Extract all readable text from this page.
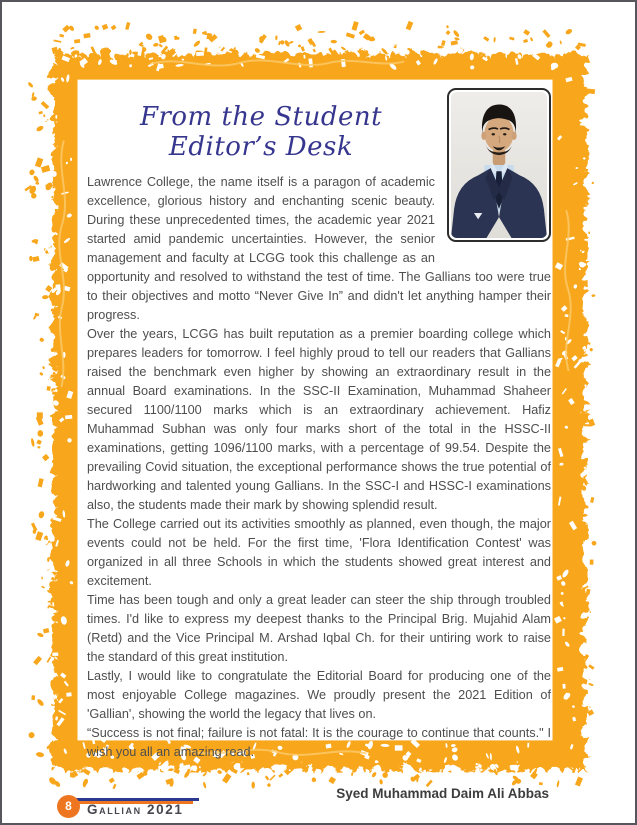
From the Student Editor’s Desk

Lawrence College, the name itself is a paragon of academic excellence, glorious history and enchanting scenic beauty. During these unprecedented times, the academic year 2021 started amid pandemic uncertainties. However, the senior management and faculty at LCGG took this challenge as an opportunity and resolved to withstand the test of time. The Gallians too were true to their objectives and motto “Never Give In” and didn't let anything hamper their progress.

Over the years, LCGG has built reputation as a premier boarding college which prepares leaders for tomorrow. I feel highly proud to tell our readers that Gallians raised the benchmark even higher by showing an extraordinary result in the annual Board examinations. In the SSC-II Examination, Muhammad Shaheer secured 1100/1100 marks which is an extraordinary achievement. Hafiz Muhammad Subhan was only four marks short of the total in the HSSC-II examinations, getting 1096/1100 marks, with a percentage of 99.54. Despite the prevailing Covid situation, the exceptional performance shows the true potential of hardworking and talented young Gallians. In the SSC-I and HSSC-I examinations also, the students made their mark by showing splendid result.

The College carried out its activities smoothly as planned, even though, the major events could not be held. For the first time, 'Flora Identification Contest' was organized in all three Schools in which the students showed great interest and excitement.

Time has been tough and only a great leader can steer the ship through troubled times. I'd like to express my deepest thanks to the Principal Brig. Mujahid Alam (Retd) and the Vice Principal M. Arshad Iqbal Ch. for their untiring work to raise the standard of this great institution.

Lastly, I would like to congratulate the Editorial Board for producing one of the most enjoyable College magazines. We proudly present the 2021 Edition of 'Gallian', showing the world the legacy that lives on.

“Success is not final; failure is not fatal: It is the courage to continue that counts." I wish you all an amazing read.

Syed Muhammad Daim Ali Abbas
8	Gallian 2021
